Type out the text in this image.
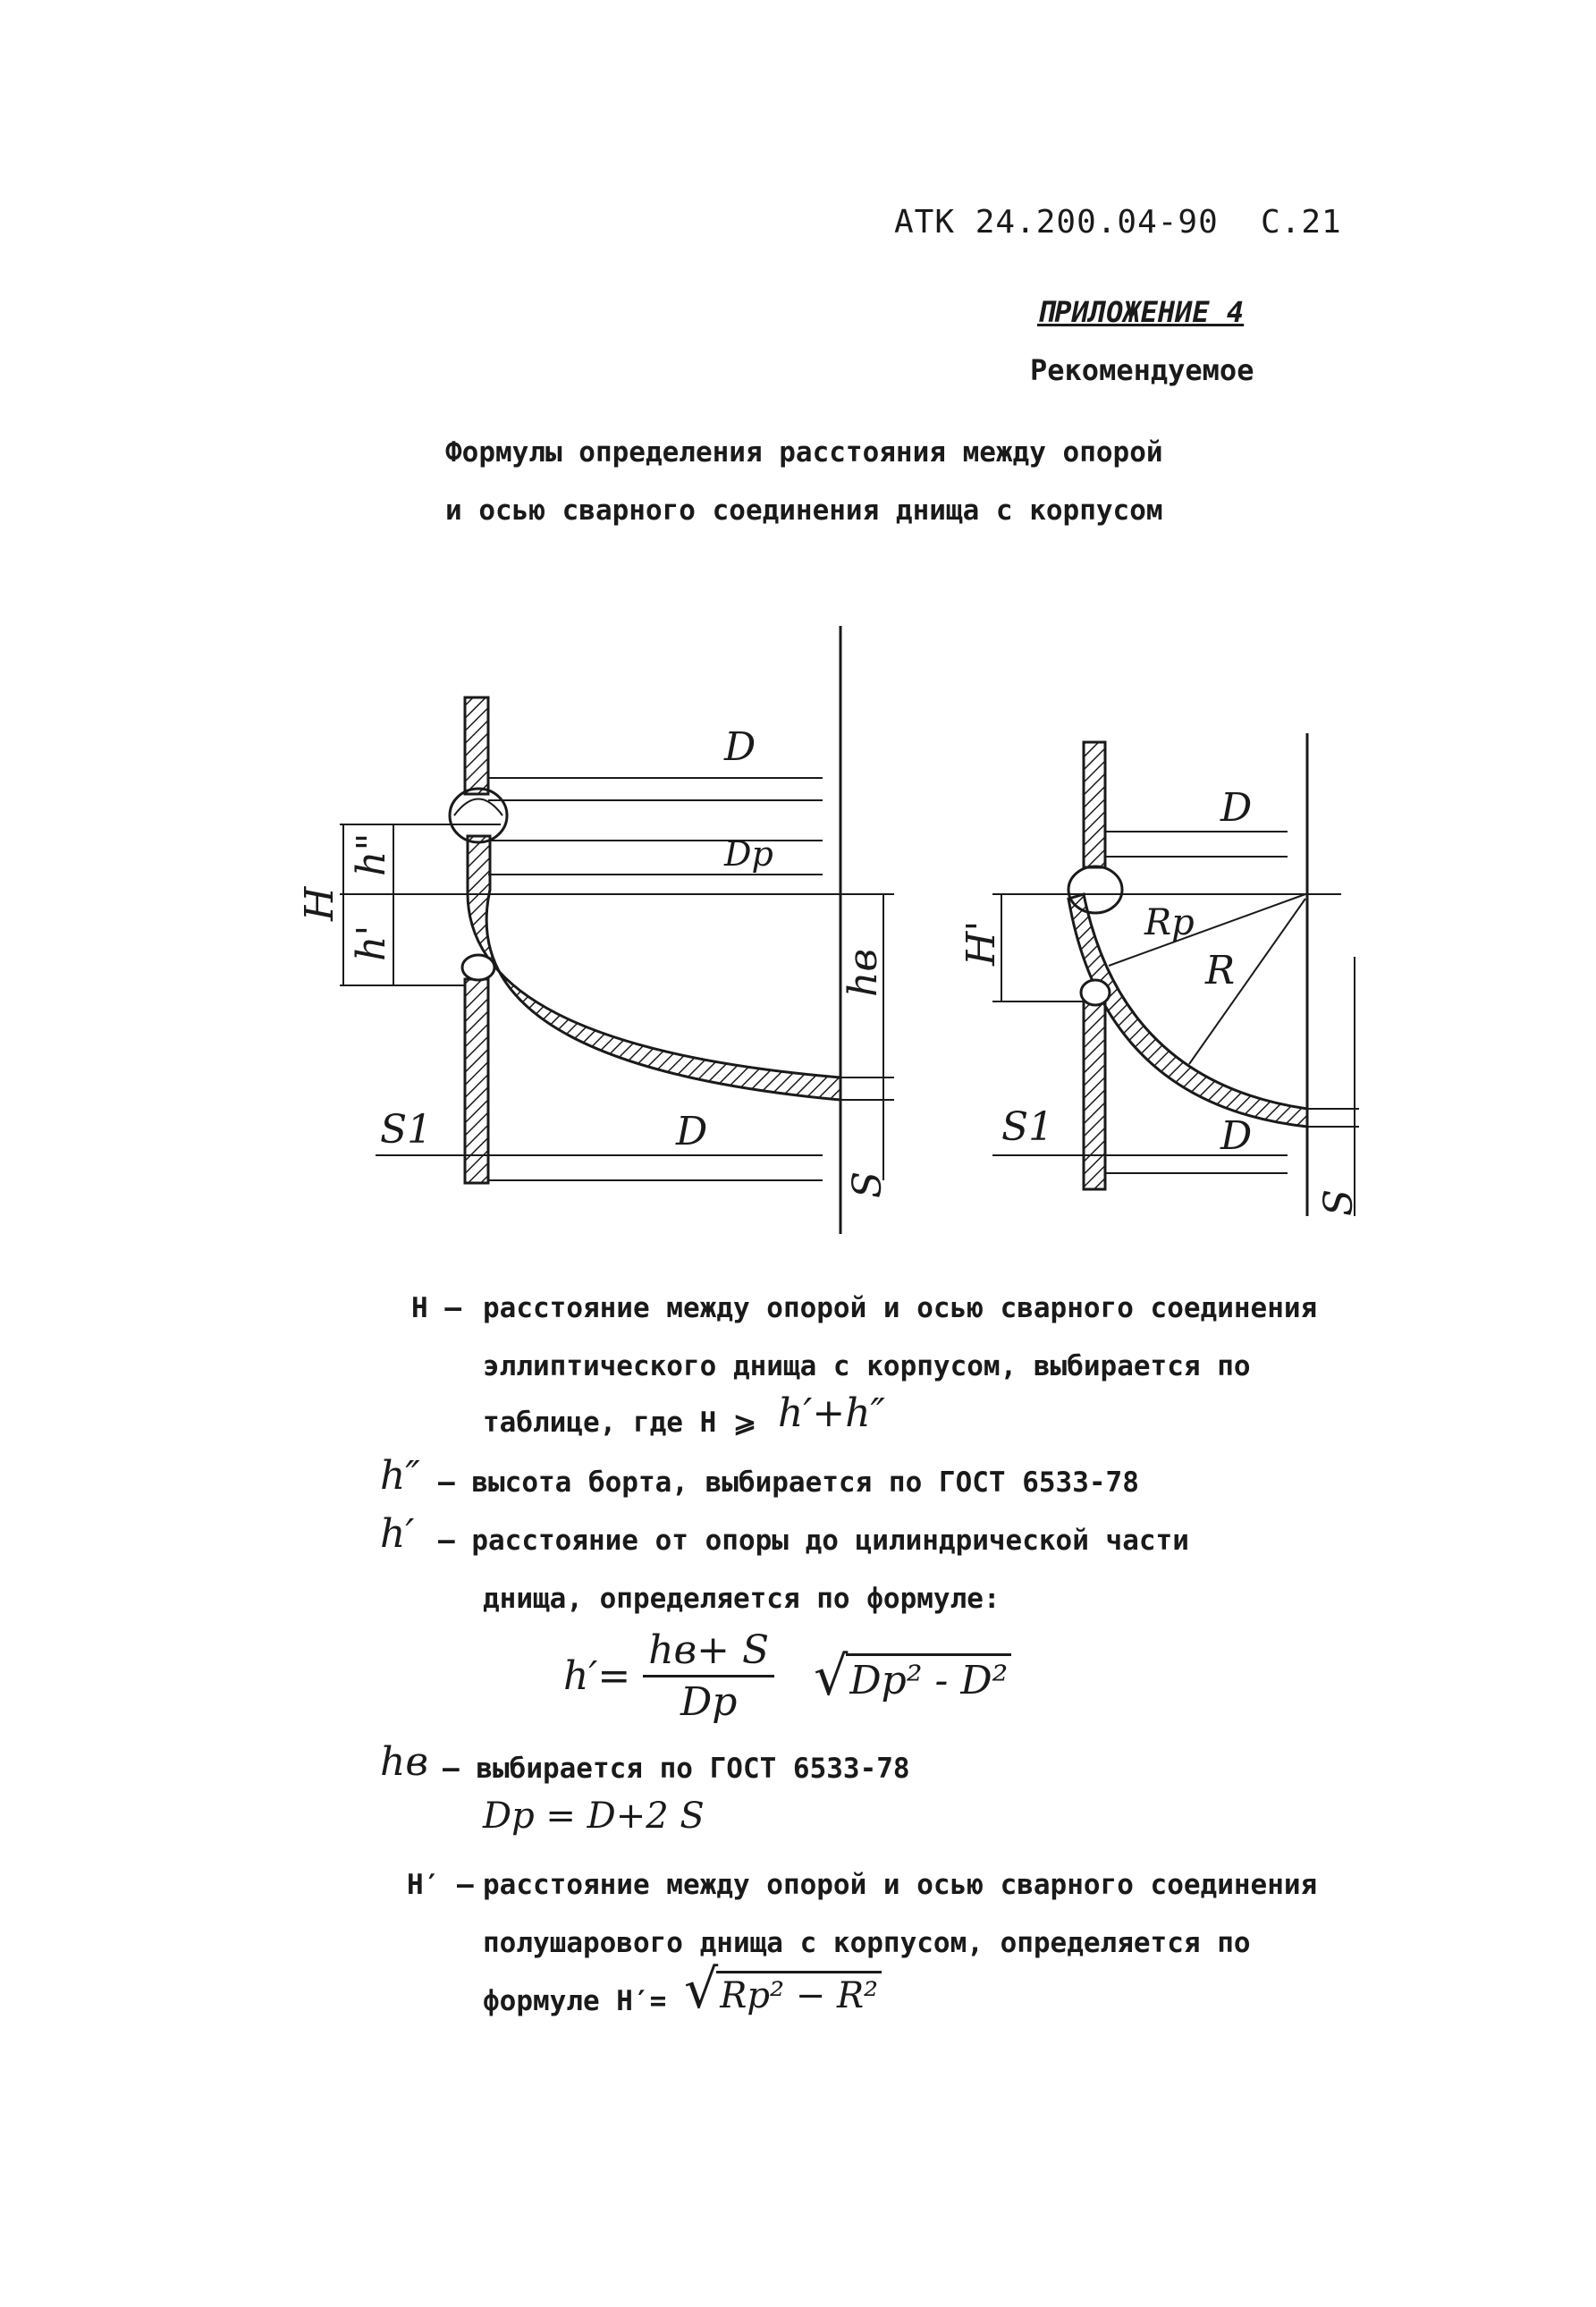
АТК 24.200.04-90 С.21
ПРИЛОЖЕНИЕ 4
Рекомендуемое
Формулы определения расстояния между опорой
и осью сварного соединения днища с корпусом
D
Dp
H
h"
h'
hв
D
S1
S
D
H'	Rp
R
D
S1
S
H – расстояние между опорой и осью сварного соединения
эллиптического днища с корпусом, выбирается по
таблице, где H ⩾ h′+h″
h″ – высота борта, выбирается по ГОСТ 6533-78
h′ – расстояние от опоры до цилиндрической части
днища, определяется по формуле:
$h'= \frac{hв+ S}{Dp}$ √ Dp² - D²
hв – выбирается по ГОСТ 6533-78
Dp = D+2 S
H′ – расстояние между опорой и осью сварного соединения
полушарового днища с корпусом, определяется по
формуле H′= √ Rp² − R²
